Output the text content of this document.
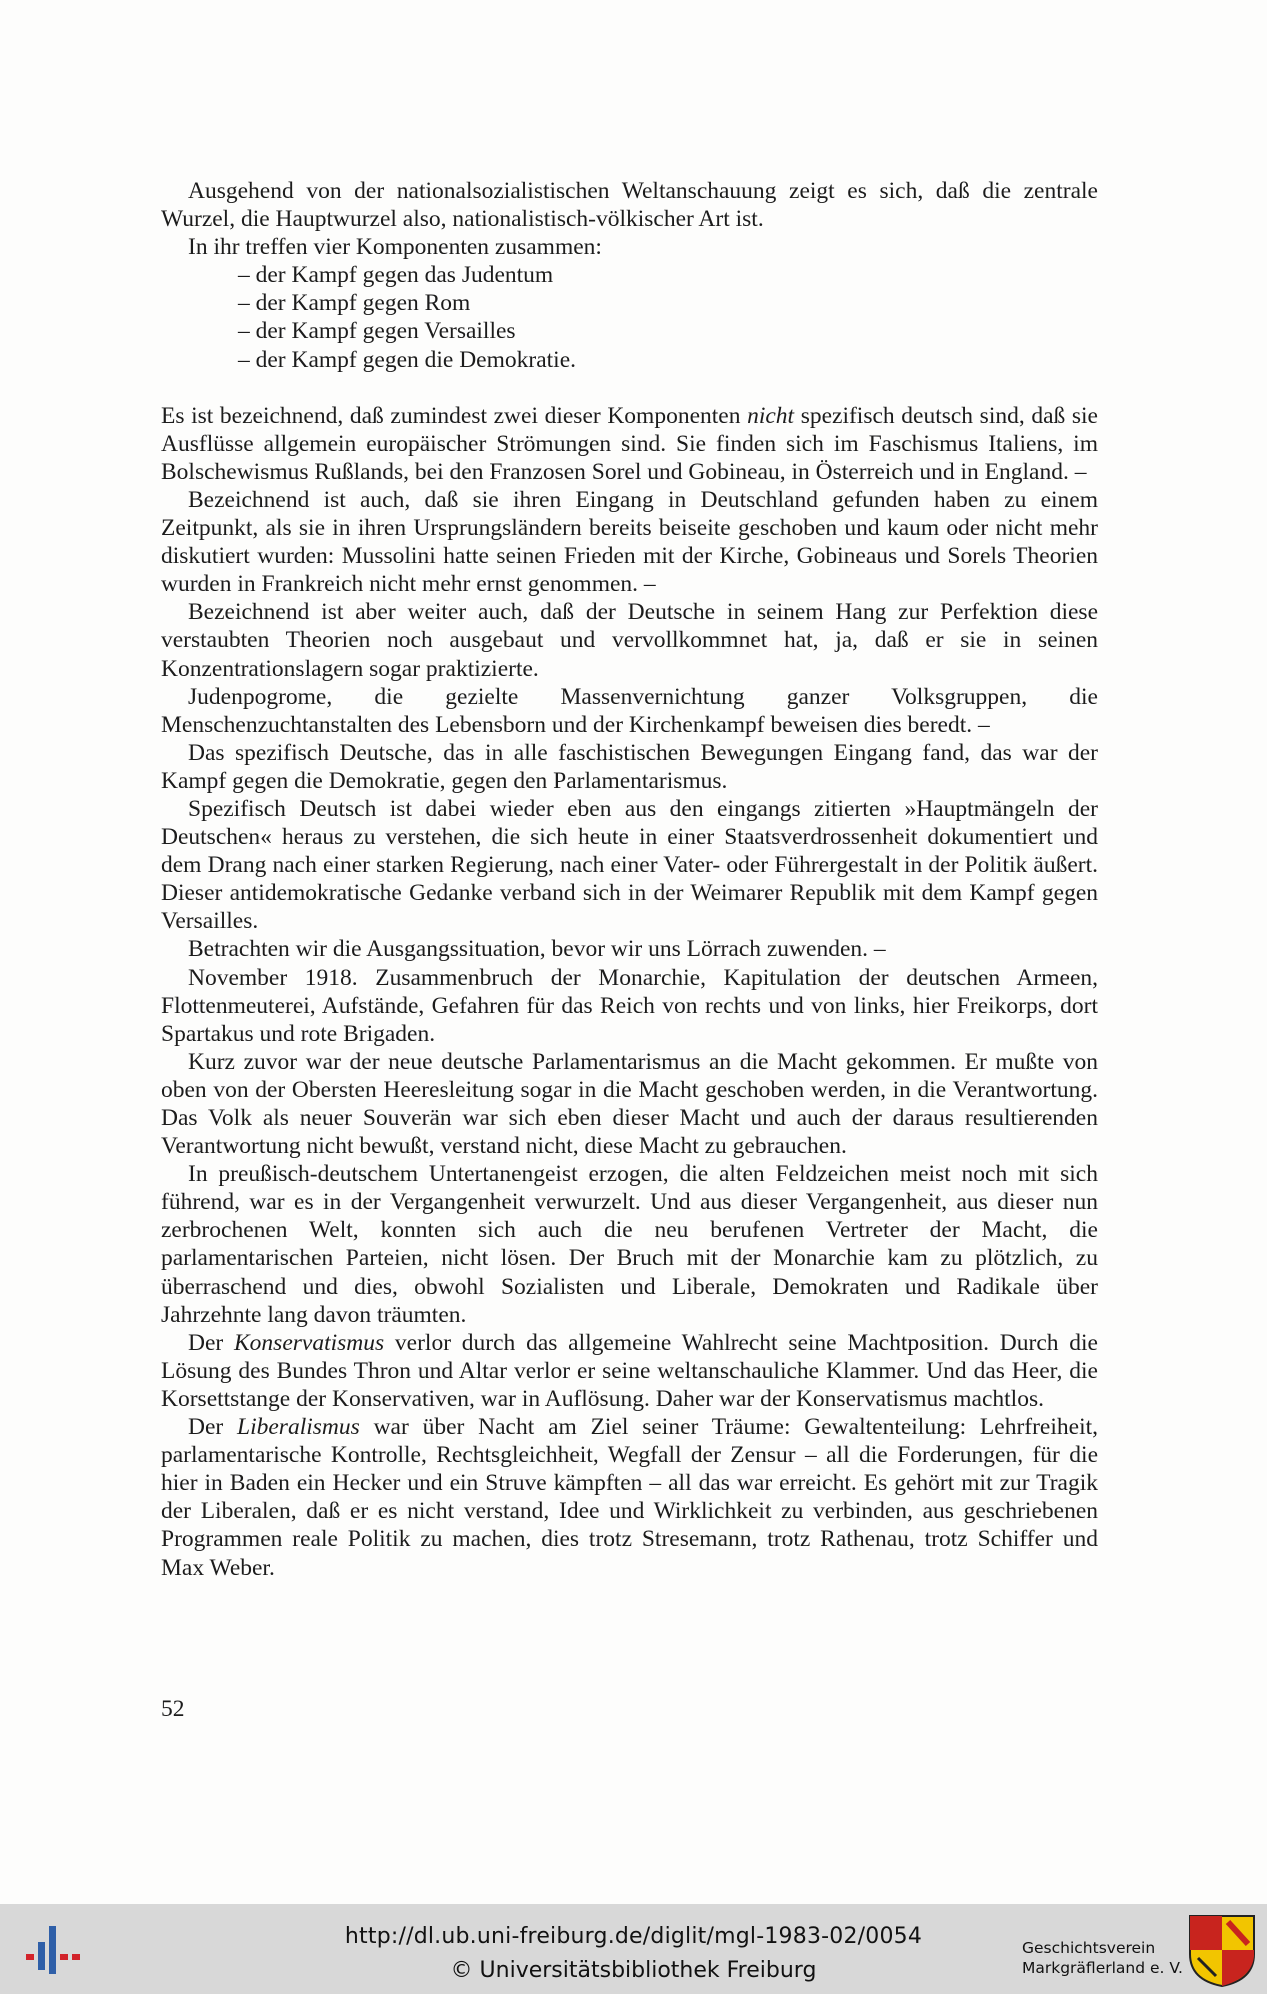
Ausgehend von der nationalsozialistischen Weltanschauung zeigt es sich, daß die zentrale Wurzel, die Hauptwurzel also, nationalistisch-völkischer Art ist.

In ihr treffen vier Komponenten zusammen:

– der Kampf gegen das Judentum
– der Kampf gegen Rom
– der Kampf gegen Versailles
– der Kampf gegen die Demokratie.

Es ist bezeichnend, daß zumindest zwei dieser Komponenten nicht spezifisch deutsch sind, daß sie Ausflüsse allgemein europäischer Strömungen sind. Sie finden sich im Faschismus Italiens, im Bolschewismus Rußlands, bei den Franzosen Sorel und Gobineau, in Österreich und in England. –

Bezeichnend ist auch, daß sie ihren Eingang in Deutschland gefunden haben zu einem Zeitpunkt, als sie in ihren Ursprungsländern bereits beiseite geschoben und kaum oder nicht mehr diskutiert wurden: Mussolini hatte seinen Frieden mit der Kirche, Gobineaus und Sorels Theorien wurden in Frankreich nicht mehr ernst genommen. –

Bezeichnend ist aber weiter auch, daß der Deutsche in seinem Hang zur Perfektion diese verstaubten Theorien noch ausgebaut und vervollkommnet hat, ja, daß er sie in seinen Konzentrationslagern sogar praktizierte.

Judenpogrome, die gezielte Massenvernichtung ganzer Volksgruppen, die Menschenzuchtanstalten des Lebensborn und der Kirchenkampf beweisen dies beredt. –

Das spezifisch Deutsche, das in alle faschistischen Bewegungen Eingang fand, das war der Kampf gegen die Demokratie, gegen den Parlamentarismus.

Spezifisch Deutsch ist dabei wieder eben aus den eingangs zitierten »Hauptmängeln der Deutschen« heraus zu verstehen, die sich heute in einer Staatsverdrossenheit dokumentiert und dem Drang nach einer starken Regierung, nach einer Vater- oder Führergestalt in der Politik äußert. Dieser antidemokratische Gedanke verband sich in der Weimarer Republik mit dem Kampf gegen Versailles.

Betrachten wir die Ausgangssituation, bevor wir uns Lörrach zuwenden. –

November 1918. Zusammenbruch der Monarchie, Kapitulation der deutschen Armeen, Flottenmeuterei, Aufstände, Gefahren für das Reich von rechts und von links, hier Freikorps, dort Spartakus und rote Brigaden.

Kurz zuvor war der neue deutsche Parlamentarismus an die Macht gekommen. Er mußte von oben von der Obersten Heeresleitung sogar in die Macht geschoben werden, in die Verantwortung. Das Volk als neuer Souverän war sich eben dieser Macht und auch der daraus resultierenden Verantwortung nicht bewußt, verstand nicht, diese Macht zu gebrauchen.

In preußisch-deutschem Untertanengeist erzogen, die alten Feldzeichen meist noch mit sich führend, war es in der Vergangenheit verwurzelt. Und aus dieser Vergangenheit, aus dieser nun zerbrochenen Welt, konnten sich auch die neu berufenen Vertreter der Macht, die parlamentarischen Parteien, nicht lösen. Der Bruch mit der Monarchie kam zu plötzlich, zu überraschend und dies, obwohl Sozialisten und Liberale, Demokraten und Radikale über Jahrzehnte lang davon träumten.

Der Konservatismus verlor durch das allgemeine Wahlrecht seine Machtposition. Durch die Lösung des Bundes Thron und Altar verlor er seine weltanschauliche Klammer. Und das Heer, die Korsettstange der Konservativen, war in Auflösung. Daher war der Konservatismus machtlos.

Der Liberalismus war über Nacht am Ziel seiner Träume: Gewaltenteilung: Lehrfreiheit, parlamentarische Kontrolle, Rechtsgleichheit, Wegfall der Zensur – all die Forderungen, für die hier in Baden ein Hecker und ein Struve kämpften – all das war erreicht. Es gehört mit zur Tragik der Liberalen, daß er es nicht verstand, Idee und Wirklichkeit zu verbinden, aus geschriebenen Programmen reale Politik zu machen, dies trotz Stresemann, trotz Rathenau, trotz Schiffer und Max Weber.

52
http://dl.ub.uni-freiburg.de/diglit/mgl-1983-02/0054
© Universitätsbibliothek Freiburg
Geschichtsverein
Markgräflerland e. V.
